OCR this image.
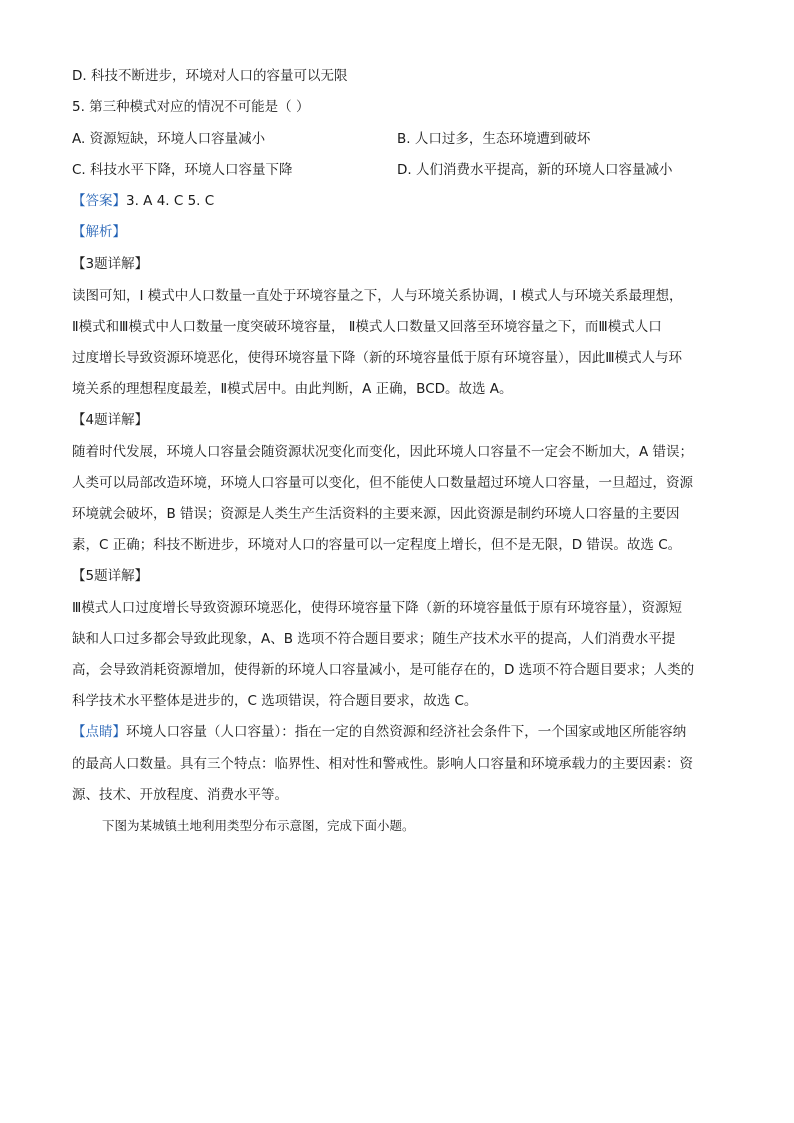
D. 科技不断进步，环境对人口的容量可以无限
5. 第三种模式对应的情况不可能是（ ）
A. 资源短缺，环境人口容量减小	B. 人口过多，生态环境遭到破坏
C. 科技水平下降，环境人口容量下降	D. 人们消费水平提高，新的环境人口容量减小
【答案】3. A 4. C 5. C
【解析】
【3题详解】
读图可知，I 模式中人口数量一直处于环境容量之下，人与环境关系协调，I 模式人与环境关系最理想，
Ⅱ模式和Ⅲ模式中人口数量一度突破环境容量， Ⅱ模式人口数量又回落至环境容量之下，而Ⅲ模式人口
过度增长导致资源环境恶化，使得环境容量下降（新的环境容量低于原有环境容量），因此Ⅲ模式人与环
境关系的理想程度最差，Ⅱ模式居中。由此判断，A 正确，BCD。故选 A。
【4题详解】
随着时代发展，环境人口容量会随资源状况变化而变化，因此环境人口容量不一定会不断加大，A 错误；
人类可以局部改造环境，环境人口容量可以变化，但不能使人口数量超过环境人口容量，一旦超过，资源
环境就会破坏，B 错误；资源是人类生产生活资料的主要来源，因此资源是制约环境人口容量的主要因
素，C 正确；科技不断进步，环境对人口的容量可以一定程度上增长，但不是无限，D 错误。故选 C。
【5题详解】
Ⅲ模式人口过度增长导致资源环境恶化，使得环境容量下降（新的环境容量低于原有环境容量），资源短
缺和人口过多都会导致此现象，A、B 选项不符合题目要求；随生产技术水平的提高，人们消费水平提
高，会导致消耗资源增加，使得新的环境人口容量减小，是可能存在的，D 选项不符合题目要求；人类的
科学技术水平整体是进步的，C 选项错误，符合题目要求，故选 C。
【点睛】环境人口容量（人口容量）：指在一定的自然资源和经济社会条件下，一个国家或地区所能容纳
的最高人口数量。具有三个特点：临界性、相对性和警戒性。影响人口容量和环境承载力的主要因素：资
源、技术、开放程度、消费水平等。
下图为某城镇土地利用类型分布示意图，完成下面小题。
